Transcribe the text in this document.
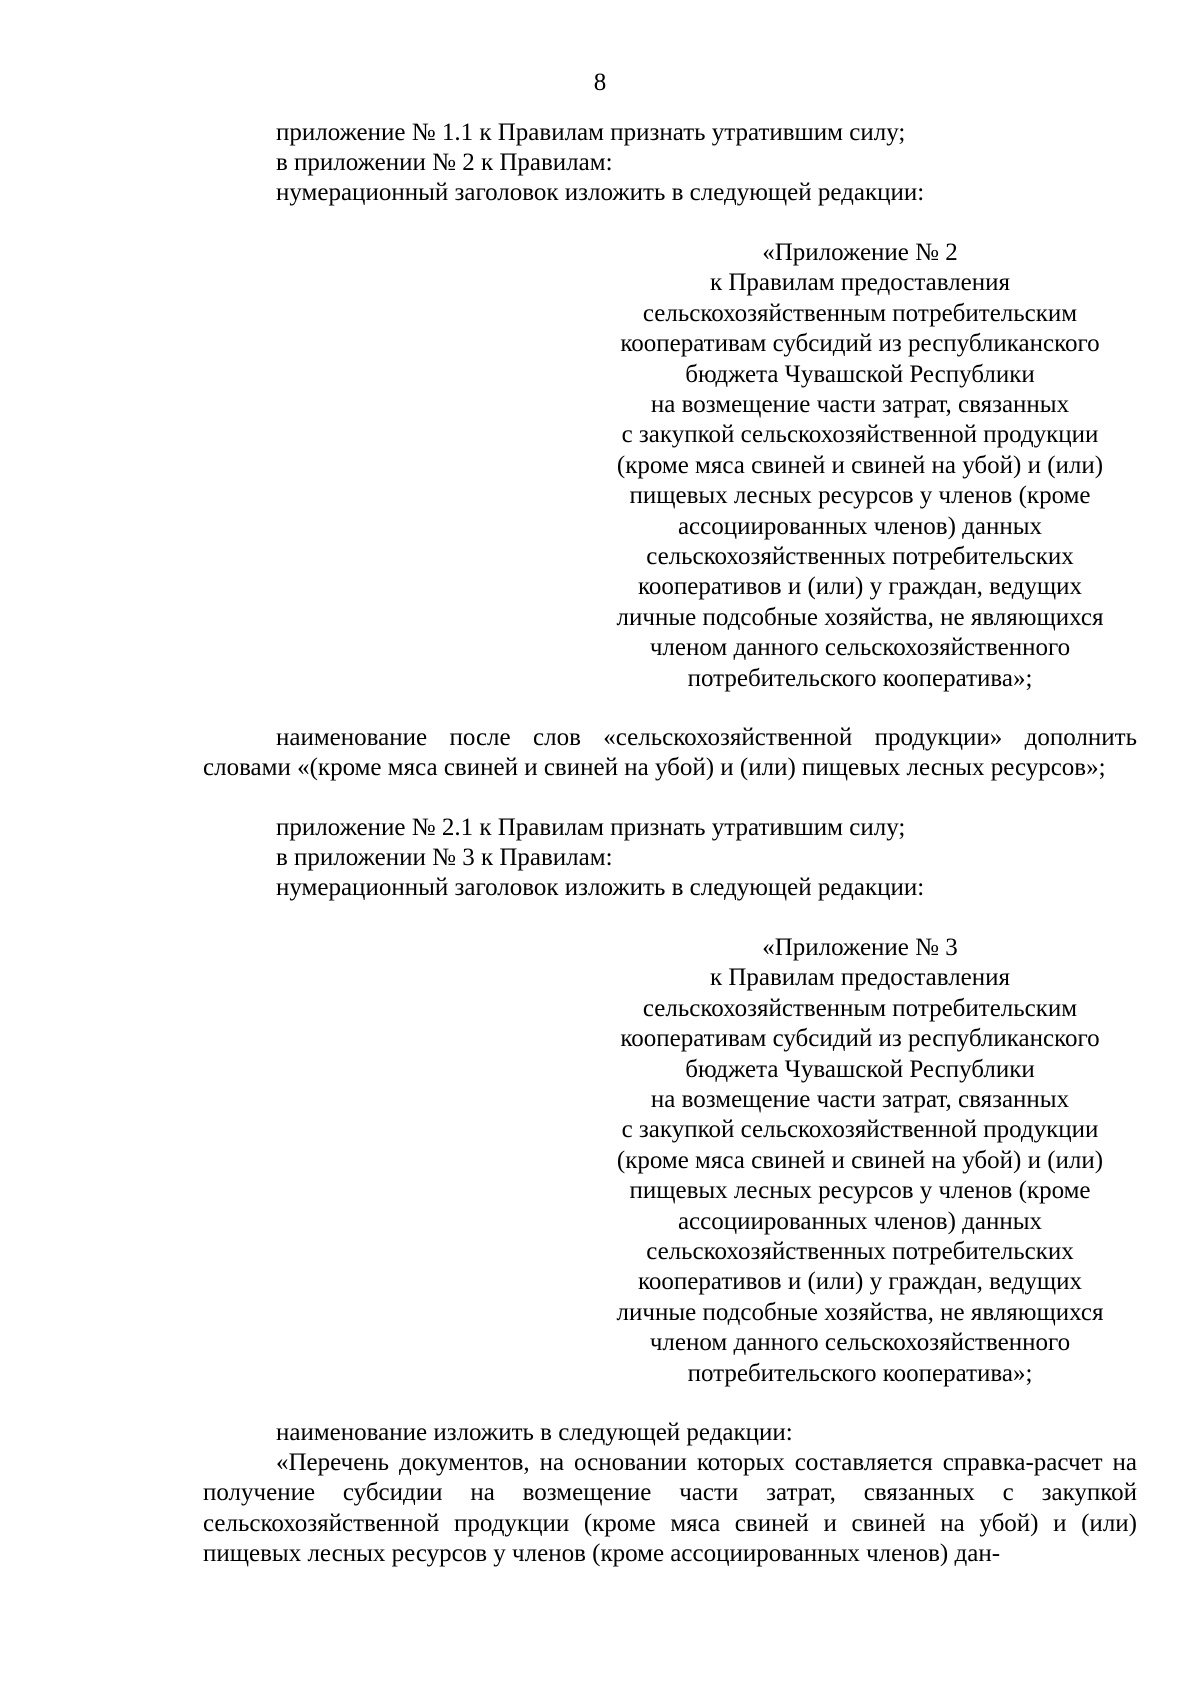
8
приложение № 1.1 к Правилам признать утратившим силу;
в приложении № 2 к Правилам:
нумерационный заголовок изложить в следующей редакции:
«Приложение № 2
к Правилам предоставления
сельскохозяйственным потребительским
кооперативам субсидий из республиканского
бюджета Чувашской Республики
на возмещение части затрат, связанных
с закупкой сельскохозяйственной продукции
(кроме мяса свиней и свиней на убой) и (или)
пищевых лесных ресурсов у членов (кроме
ассоциированных членов) данных
сельскохозяйственных потребительских
кооперативов и (или) у граждан, ведущих
личные подсобные хозяйства, не являющихся
членом данного сельскохозяйственного
потребительского кооператива»;
наименование после слов «сельскохозяйственной продукции» дополнить словами «(кроме мяса свиней и свиней на убой) и (или) пищевых лесных ресурсов»;
приложение № 2.1 к Правилам признать утратившим силу;
в приложении № 3 к Правилам:
нумерационный заголовок изложить в следующей редакции:
«Приложение № 3
к Правилам предоставления
сельскохозяйственным потребительским
кооперативам субсидий из республиканского
бюджета Чувашской Республики
на возмещение части затрат, связанных
с закупкой сельскохозяйственной продукции
(кроме мяса свиней и свиней на убой) и (или)
пищевых лесных ресурсов у членов (кроме
ассоциированных членов) данных
сельскохозяйственных потребительских
кооперативов и (или) у граждан, ведущих
личные подсобные хозяйства, не являющихся
членом данного сельскохозяйственного
потребительского кооператива»;
наименование изложить в следующей редакции:
«Перечень документов, на основании которых составляется справка-расчет на получение субсидии на возмещение части затрат, связанных с закупкой сельскохозяйственной продукции (кроме мяса свиней и свиней на убой) и (или) пищевых лесных ресурсов у членов (кроме ассоциированных членов) дан-
